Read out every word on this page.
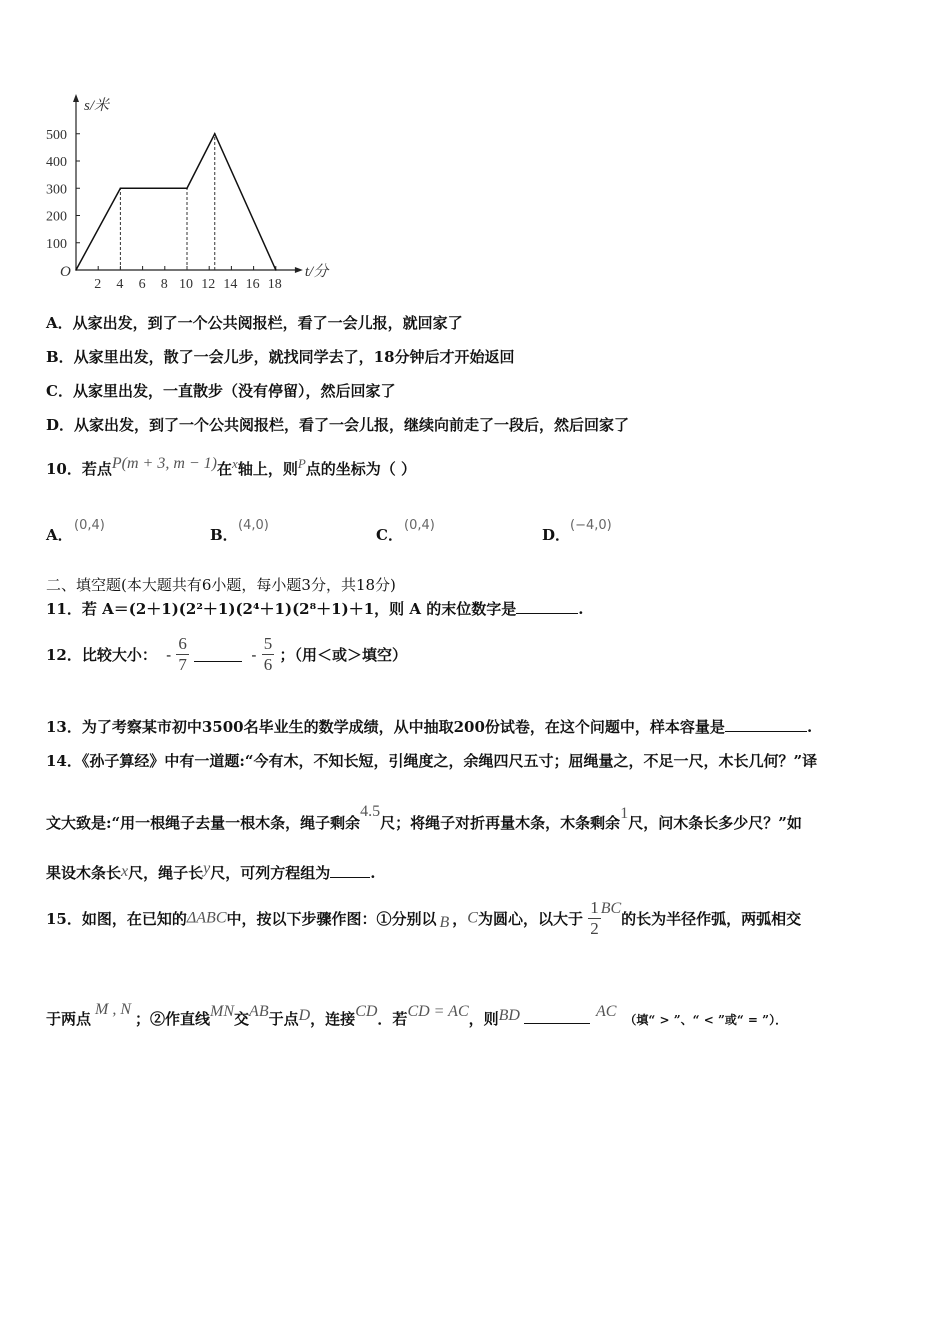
s/米
t/分
O
100
200
300
400
500
2 4 6 8 10 12 14 16 18
A．从家出发，到了一个公共阅报栏，看了一会儿报，就回家了
B．从家里出发，散了一会儿步，就找同学去了，18分钟后才开始返回
C．从家里出发，一直散步（没有停留），然后回家了
D．从家出发，到了一个公共阅报栏，看了一会儿报，继续向前走了一段后，然后回家了
10．若点P(m + 3, m − 1)在x轴上，则P点的坐标为（ ）
A．
(0,4)
B．
(4,0)
C．
(0,4)
D．
(−4,0)
二、填空题(本大题共有6小题，每小题3分，共18分)
11．若 A＝(2＋1)(2²＋1)(2⁴＋1)(2⁸＋1)＋1，则 A 的末位数字是	.
12．比较大小： - $\frac{6}{7}$	- $\frac{5}{6}$ ；（用＜或＞填空）
13．为了考察某市初中3500名毕业生的数学成绩，从中抽取200份试卷，在这个问题中，样本容量是	.
14．《孙子算经》中有一道题:“今有木，不知长短，引绳度之，余绳四尺五寸；屈绳量之，不足一尺，木长几何？”译
文大致是:“用一根绳子去量一根木条，绳子剩余4.5尺；将绳子对折再量木条，木条剩余1尺，问木条长多少尺？”如
果设木条长x尺，绳子长y尺，可列方程组为	.
15．如图，在已知的ΔABC中，按以下步骤作图：①分别以 B ，C为圆心，以大于 $\frac{1}{2}$ BC的长为半径作弧，两弧相交
于两点M , N；②作直线MN交AB于点D，连接CD．若CD = AC，则BD	AC （填“ > ”、“ < ”或“ = ”）．
